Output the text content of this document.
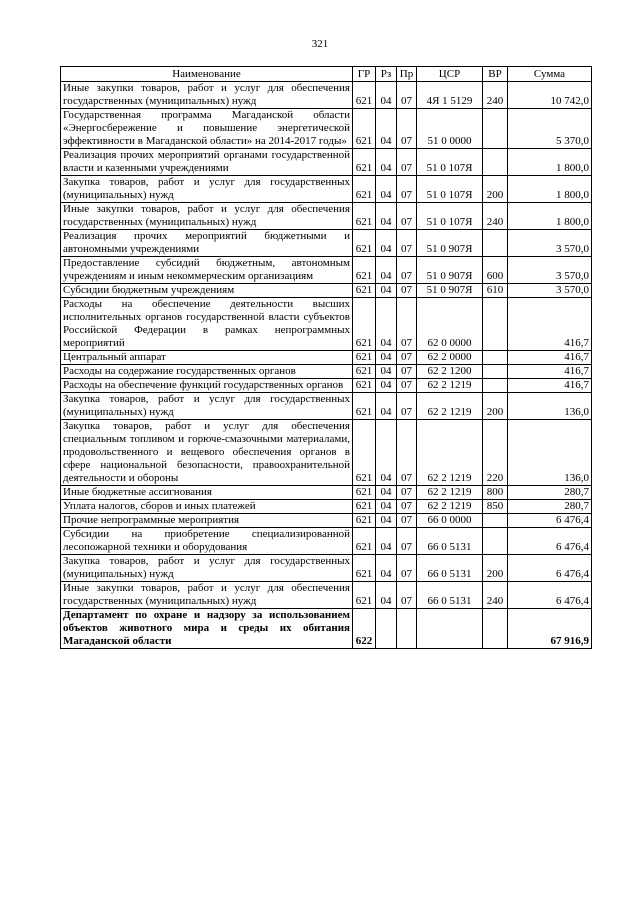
321
Наименование	ГР	Рз	Пр	ЦСР	ВР	Сумма
Иные закупки товаров, работ и услуг для обеспечения государственных (муниципальных) нужд	621	04	07	4Я 1 5129	240	10 742,0
Государственная программа Магаданской области «Энергосбережение и повышение энергетической эффективности в Магаданской области» на 2014-2017 годы»	621	04	07	51 0 0000		5 370,0
Реализация прочих мероприятий органами государственной власти и казенными учреждениями	621	04	07	51 0 107Я		1 800,0
Закупка товаров, работ и услуг для государственных (муниципальных) нужд	621	04	07	51 0 107Я	200	1 800,0
Иные закупки товаров, работ и услуг для обеспечения государственных (муниципальных) нужд	621	04	07	51 0 107Я	240	1 800,0
Реализация прочих мероприятий бюджетными и автономными учреждениями	621	04	07	51 0 907Я		3 570,0
Предоставление субсидий бюджетным, автономным учреждениям и иным некоммерческим организациям	621	04	07	51 0 907Я	600	3 570,0
Субсидии бюджетным учреждениям	621	04	07	51 0 907Я	610	3 570,0
Расходы на обеспечение деятельности высших исполнительных органов государственной власти субъектов Российской Федерации в рамках непрограммных мероприятий	621	04	07	62 0 0000		416,7
Центральный аппарат	621	04	07	62 2 0000		416,7
Расходы на содержание государственных органов	621	04	07	62 2 1200		416,7
Расходы на обеспечение функций государственных органов	621	04	07	62 2 1219		416,7
Закупка товаров, работ и услуг для государственных (муниципальных) нужд	621	04	07	62 2 1219	200	136,0
Закупка товаров, работ и услуг для обеспечения специальным топливом и горюче-смазочными материалами, продовольственного и вещевого обеспечения органов в сфере национальной безопасности, правоохранительной деятельности и обороны	621	04	07	62 2 1219	220	136,0
Иные бюджетные ассигнования	621	04	07	62 2 1219	800	280,7
Уплата налогов, сборов и иных платежей	621	04	07	62 2 1219	850	280,7
Прочие непрограммные мероприятия	621	04	07	66 0 0000		6 476,4
Субсидии на приобретение специализированной лесопожарной техники и оборудования	621	04	07	66 0 5131		6 476,4
Закупка товаров, работ и услуг для государственных (муниципальных) нужд	621	04	07	66 0 5131	200	6 476,4
Иные закупки товаров, работ и услуг для обеспечения государственных (муниципальных) нужд	621	04	07	66 0 5131	240	6 476,4
Департамент по охране и надзору за использованием объектов животного мира и среды их обитания Магаданской области	622					67 916,9
